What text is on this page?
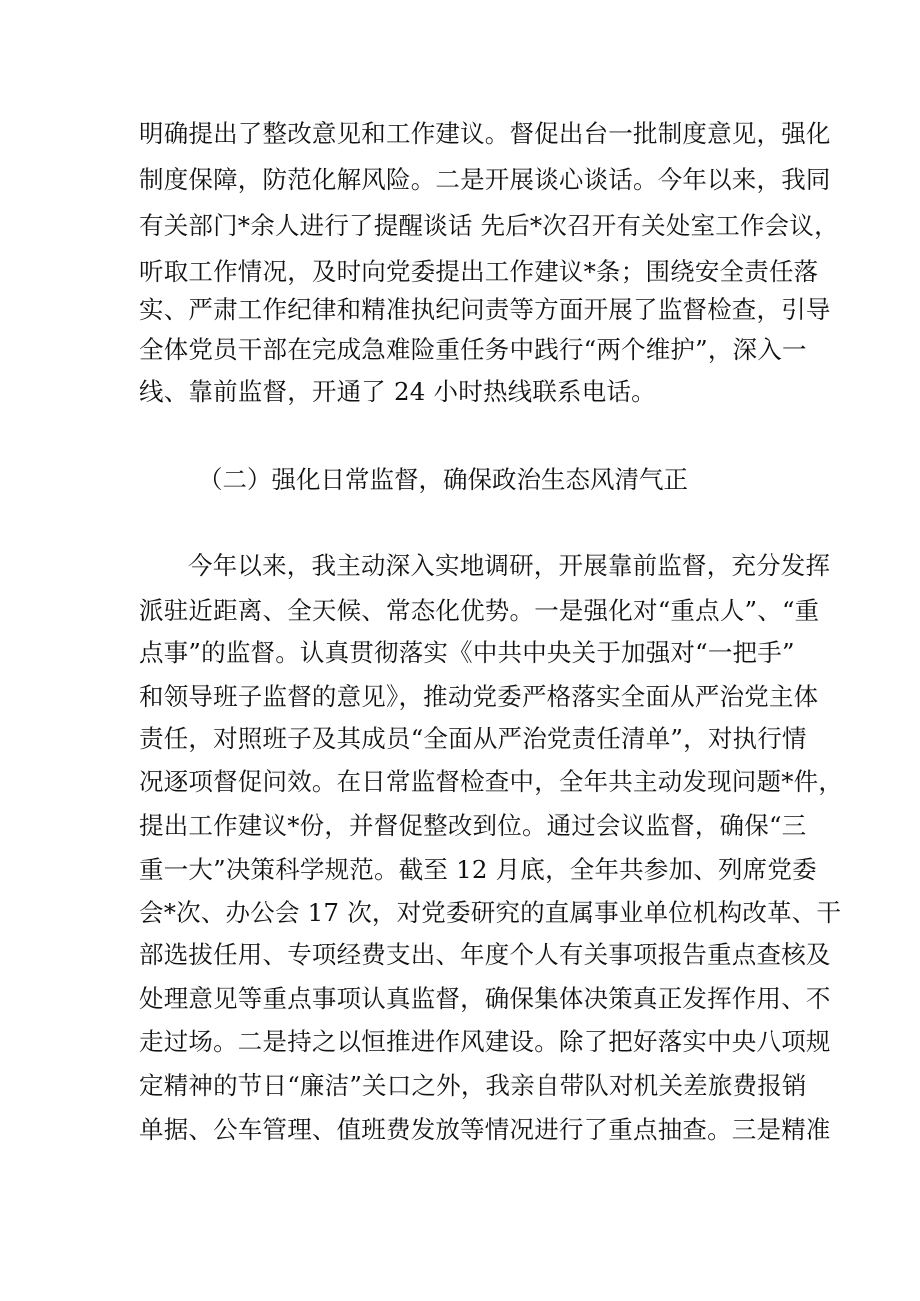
明确提出了整改意见和工作建议。督促出台一批制度意见，强化
制度保障，防范化解风险。二是开展谈心谈话。今年以来，我同
有关部门*余人进行了提醒谈话 先后*次召开有关处室工作会议，
听取工作情况，及时向党委提出工作建议*条；围绕安全责任落
实、严肃工作纪律和精准执纪问责等方面开展了监督检查，引导
全体党员干部在完成急难险重任务中践行“两个维护”，深入一
线、靠前监督，开通了 24 小时热线联系电话。
（二）强化日常监督，确保政治生态风清气正
今年以来，我主动深入实地调研，开展靠前监督，充分发挥
派驻近距离、全天候、常态化优势。一是强化对“重点人”、“重
点事”的监督。认真贯彻落实《中共中央关于加强对“一把手”
和领导班子监督的意见》，推动党委严格落实全面从严治党主体
责任，对照班子及其成员“全面从严治党责任清单”，对执行情
况逐项督促问效。在日常监督检查中，全年共主动发现问题*件，
提出工作建议*份，并督促整改到位。通过会议监督，确保“三
重一大”决策科学规范。截至 12 月底，全年共参加、列席党委
会*次、办公会 17 次，对党委研究的直属事业单位机构改革、干
部选拔任用、专项经费支出、年度个人有关事项报告重点查核及
处理意见等重点事项认真监督，确保集体决策真正发挥作用、不
走过场。二是持之以恒推进作风建设。除了把好落实中央八项规
定精神的节日“廉洁”关口之外，我亲自带队对机关差旅费报销
单据、公车管理、值班费发放等情况进行了重点抽查。三是精准
